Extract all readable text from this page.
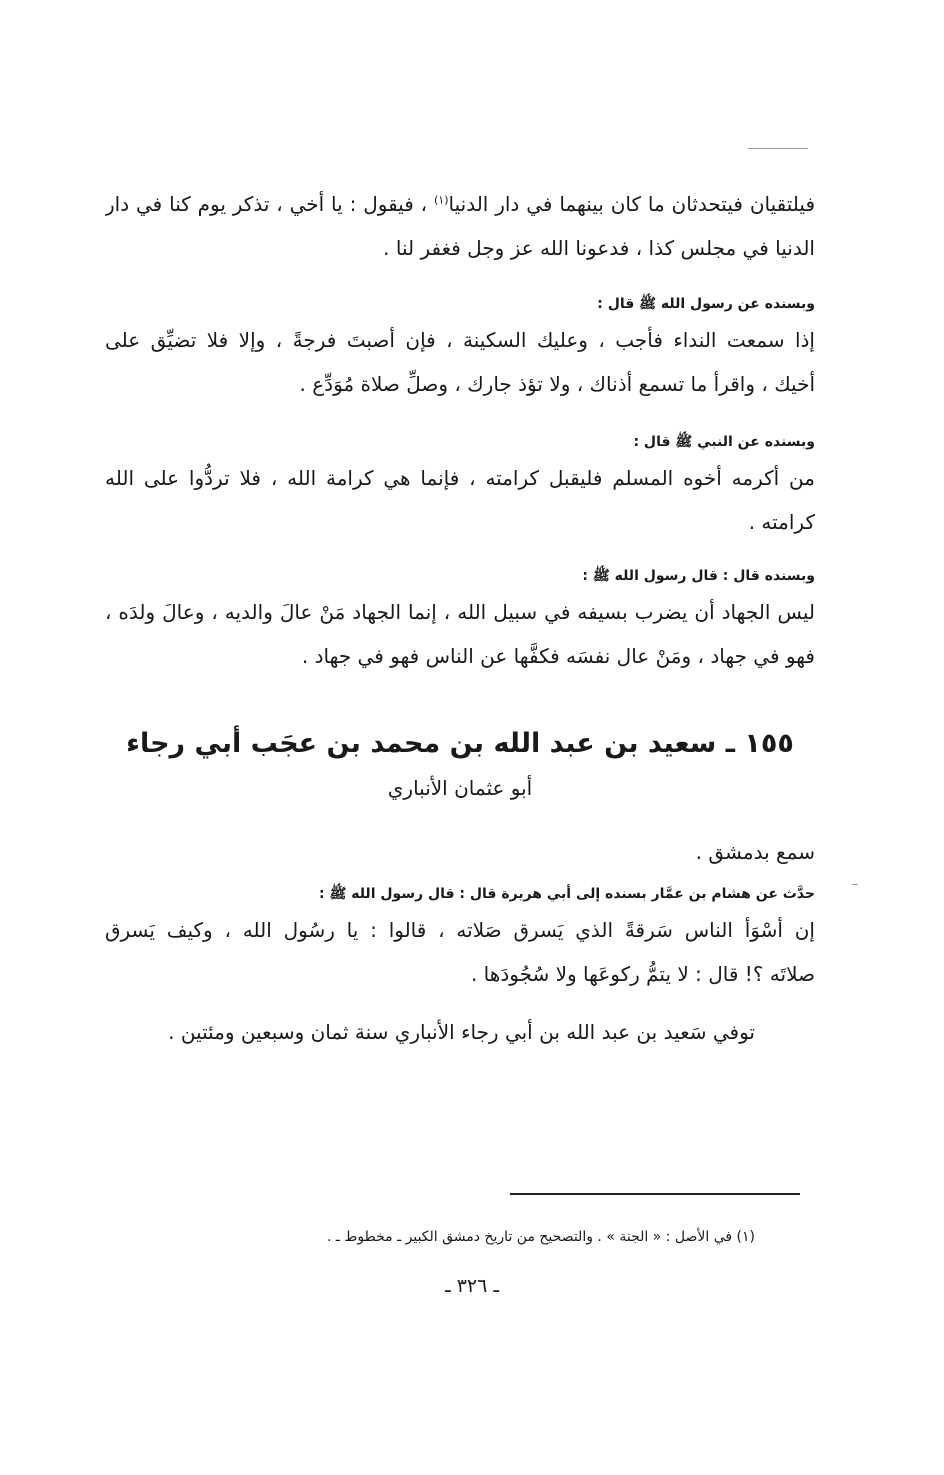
فيلتقيان فيتحدثان ما كان بينهما في دار الدنيا$^{(١)}$ ، فيقول : يا أخي ، تذكر يوم كنا في دار
الدنيا في مجلس كذا ، فدعونا الله عز وجل فغفر لنا .
وبسنده عن رسول الله ﷺ قال :
إذا سمعت النداء فأجب ، وعليك السكينة ، فإن أصبتَ فرجةً ، وإلا فلا تضيِّق على
أخيك ، واقرأ ما تسمع أذناك ، ولا تؤذ جارك ، وصلِّ صلاة مُوَدِّع .
وبسنده عن النبي ﷺ قال :
من أكرمه أخوه المسلم فليقبل كرامته ، فإنما هي كرامة الله ، فلا تردُّوا على الله
كرامته .
وبسنده قال : قال رسول الله ﷺ :
ليس الجهاد أن يضرب بسيفه في سبيل الله ، إنما الجهاد مَنْ عالَ والديه ، وعالَ ولدَه ،
فهو في جهاد ، ومَنْ عال نفسَه فكفَّها عن الناس فهو في جهاد .
١٥٥ ـ سعيد بن عبد الله بن محمد بن عجَب أبي رجاء
أبو عثمان الأنباري
سمع بدمشق .
حدَّث عن هشام بن عمَّار بسنده إلى أبي هريرة قال : قال رسول الله ﷺ :
إن أسْوَأ الناس سَرقةً الذي يَسرق صَلاته ، قالوا : يا رسُول الله ، وكيف يَسرق
صلاتَه ؟! قال : لا يتمُّ ركوعَها ولا سُجُودَها .
توفي سَعيد بن عبد الله بن أبي رجاء الأنباري سنة ثمان وسبعين ومئتين .
(١) في الأصل : « الجنة » . والتصحيح من تاريخ دمشق الكبير ـ مخطوط ـ .
ـ ٣٢٦ ـ
